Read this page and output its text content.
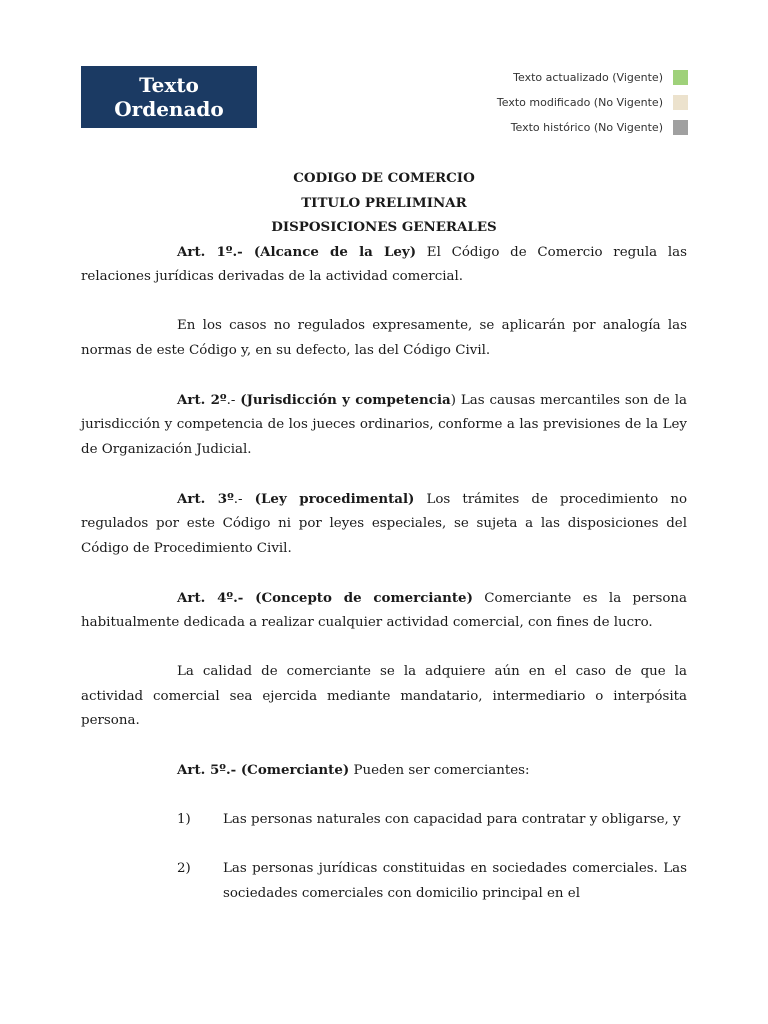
Texto
Ordenado
Texto actualizado (Vigente)
Texto modificado (No Vigente)
Texto histórico (No Vigente)
CODIGO DE COMERCIO
TITULO PRELIMINAR
DISPOSICIONES GENERALES

Art. 1º.- (Alcance de la Ley) El Código de Comercio regula las relaciones jurídicas derivadas de la actividad comercial.

En los casos no regulados expresamente, se aplicarán por analogía las normas de este Código y, en su defecto, las del Código Civil.

Art. 2º.- (Jurisdicción y competencia) Las causas mercantiles son de la jurisdicción y competencia de los jueces ordinarios, conforme a las previsiones de la Ley de Organización Judicial.

Art. 3º.- (Ley procedimental) Los trámites de procedimiento no regulados por este Código ni por leyes especiales, se sujeta a las disposiciones del Código de Procedimiento Civil.

Art. 4º.- (Concepto de comerciante) Comerciante es la persona habitualmente dedicada a realizar cualquier actividad comercial, con fines de lucro.

La calidad de comerciante se la adquiere aún en el caso de que la actividad comercial sea ejercida mediante mandatario, intermediario o interpósita persona.

Art. 5º.- (Comerciante) Pueden ser comerciantes:

1) Las personas naturales con capacidad para contratar y obligarse, y

2) Las personas jurídicas constituidas en sociedades comerciales. Las sociedades comerciales con domicilio principal en el
